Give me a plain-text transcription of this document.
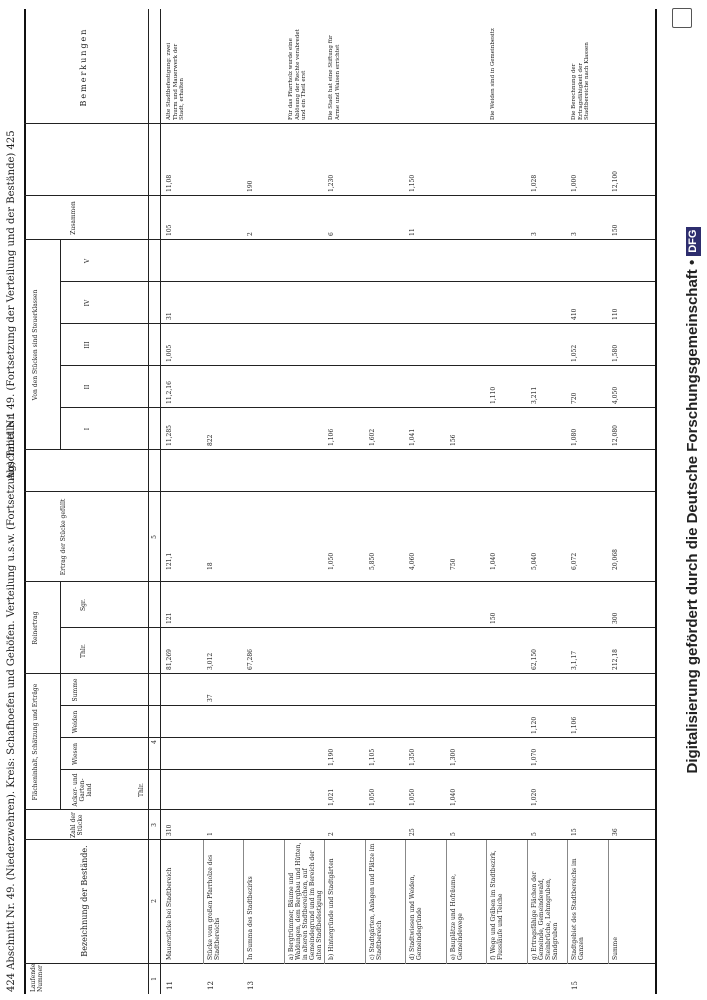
424 Abschnitt Nr. 49. (Niederzwehren). Kreis: Schafhoefen und Gehöfen. Verteilung u.s.w. (Fortsetzung) Tabelle 1
Abschnitt Nr. 49. (Fortsetzung der Verteilung und der Bestände) 425
Laufende Nummer
Bezeichnung der Bestände.
Zahl der Stücke
Flächeninhalt, Schätzung und Erträge	Acker- und Garten-land
Wiesen
Weiden
Summe
Reinertrag
Thlr.
Sgr.
Ertrag der Stücke gefüllt
Von den Stücken sind Steuerklassen
I
II
III
IV
V
Zusammen
Bemerkungen
Thlr.
1
2
3
4
5
11
Mauerstücke bei Stadtbereich
310
81,269
121
121,1
11,285
11,2,16
1,005
31
105
11,08
Alte Stadtbefestigung: zwei Thurm und Mauerwerk der Stadt, erhalten
12
Stücke vom großen Pfarrholze des Stadtbereichs
1
37
3,012
18
822
13
In Summa des Stadtbezirks
67,286
2
190
a) Bergtrümmer, Bäume und Waldungen, dem Bergbau und Hütten, in alteren Stadtbereichen, auf Gemeindegrund und im Bereich der alten Stadtbefestigung
Für das Pfarrholz wurde eine Ablösung der Rechte verabredet und ein Theil erst
b) Hintergründe und Stadtgärten
2
1,021
1,190
1,050
1,106
6
1,230
Die Stadt hat eine Stiftung für Arme und Waisen errichtet
c) Stadtgärten, Anlagen und Plätze im Stadtbereich
1,050
1,105
5,850
1,602
d) Stadtwiesen und Weiden, Gemeindegründe
25
1,050
1,350
4,060
1,041
11
1,150
e) Bauplätze und Hofräume, Gemeindewege
5
1,040
1,300
750
156
f) Wege und Gräben im Stadtbezirk, Flussläufe und Teiche
150
1,040
1,110
Die Weiden sind in Gemeinbesitz
g) Ertragsfähige Flächen der Gemeinde, Gemeindewald, Steinbrüche, Lehmgruben, Sandgruben
5
1,020
1,070
1,120
62,150
5,040
3,211
3
1,028
15
Stadtgebiet des Stadtbereichs im Ganzen
15
1,106
3,1,17
6,072
1,080
720
1,052
410
3
1,000
Die Berechnung der Ertragsfähigkeit der Stadtbereiche nach Klassen
Summe
36
212,18
300
20,068
12,080
4,050
1,580
110
150
12,100
Digitalisierung gefördert durch die Deutsche Forschungsgemeinschaft •DFG
